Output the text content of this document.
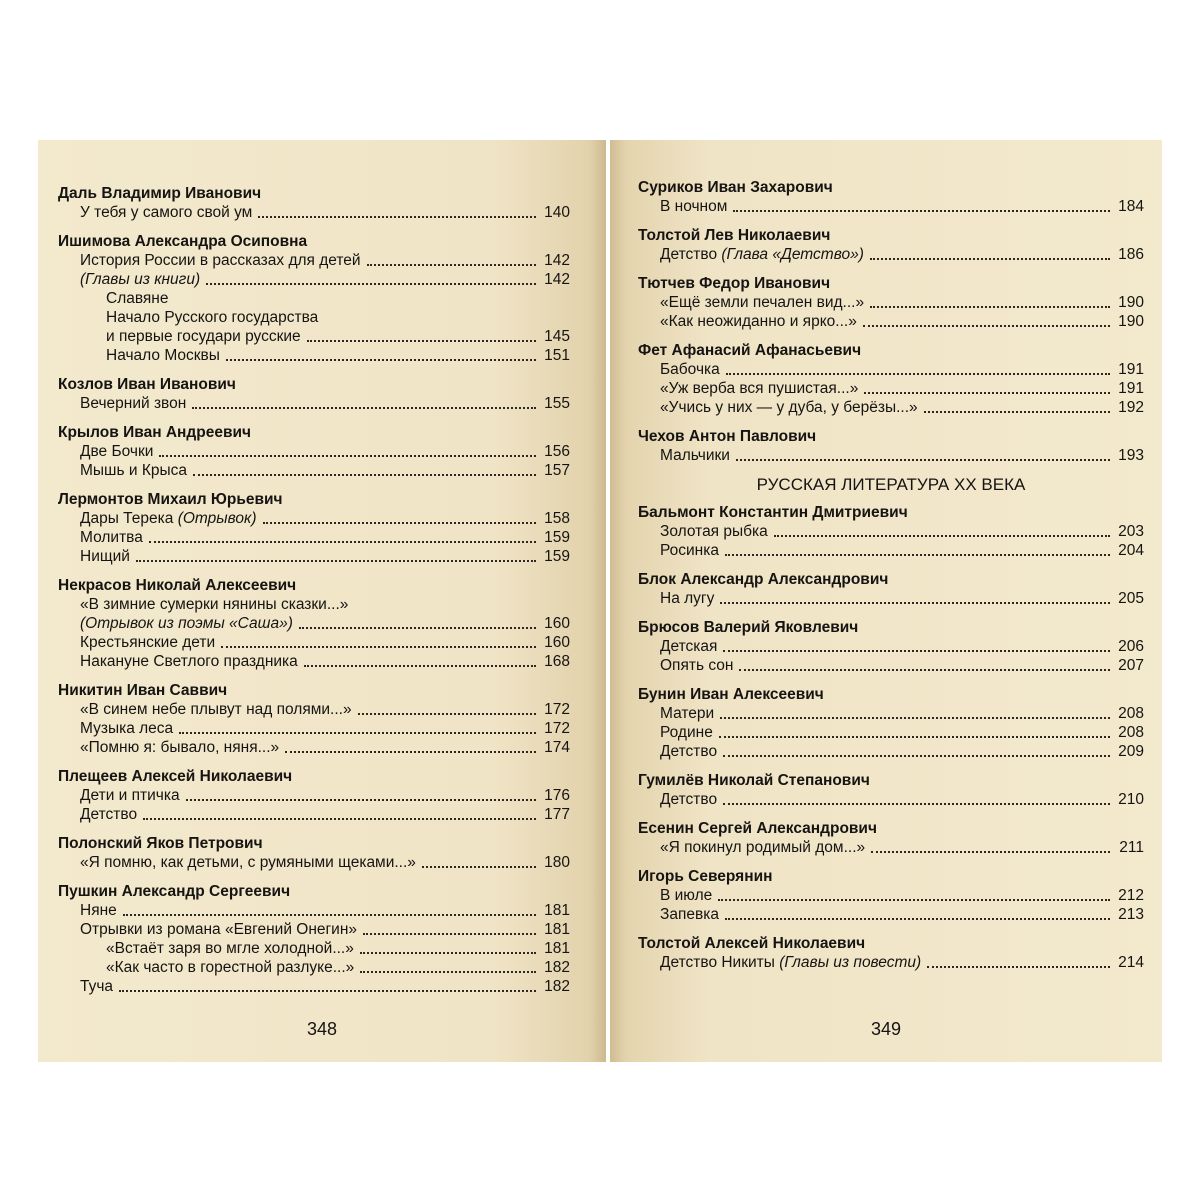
Даль Владимир Иванович
У тебя у самого свой ум	140
Ишимова Александра Осиповна
История России в рассказах для детей	142
(Главы из книги)	142
Славяне
Начало Русского государства
и первые государи русские	145
Начало Москвы	151
Козлов Иван Иванович
Вечерний звон	155
Крылов Иван Андреевич
Две Бочки	156
Мышь и Крыса	157
Лермонтов Михаил Юрьевич
Дары Терека (Отрывок)	158
Молитва	159
Нищий	159
Некрасов Николай Алексеевич
«В зимние сумерки нянины сказки...»
(Отрывок из поэмы «Саша»)	160
Крестьянские дети	160
Накануне Светлого праздника	168
Никитин Иван Саввич
«В синем небе плывут над полями...»	172
Музыка леса	172
«Помню я: бывало, няня...»	174
Плещеев Алексей Николаевич
Дети и птичка	176
Детство	177
Полонский Яков Петрович
«Я помню, как детьми, с румяными щеками...»	180
Пушкин Александр Сергеевич
Няне	181
Отрывки из романа «Евгений Онегин»	181
«Встаёт заря во мгле холодной...»	181
«Как часто в горестной разлуке...»	182
Туча	182
348
Суриков Иван Захарович
В ночном	184
Толстой Лев Николаевич
Детство (Глава «Детство»)	186
Тютчев Федор Иванович
«Ещё земли печален вид...»	190
«Как неожиданно и ярко...»	190
Фет Афанасий Афанасьевич
Бабочка	191
«Уж верба вся пушистая...»	191
«Учись у них — у дуба, у берёзы...»	192
Чехов Антон Павлович
Мальчики	193
РУССКАЯ ЛИТЕРАТУРА XX ВЕКА
Бальмонт Константин Дмитриевич
Золотая рыбка	203
Росинка	204
Блок Александр Александрович
На лугу	205
Брюсов Валерий Яковлевич
Детская	206
Опять сон	207
Бунин Иван Алексеевич
Матери	208
Родине	208
Детство	209
Гумилёв Николай Степанович
Детство	210
Есенин Сергей Александрович
«Я покинул родимый дом...»	211
Игорь Северянин
В июле	212
Запевка	213
Толстой Алексей Николаевич
Детство Никиты (Главы из повести)	214
349
